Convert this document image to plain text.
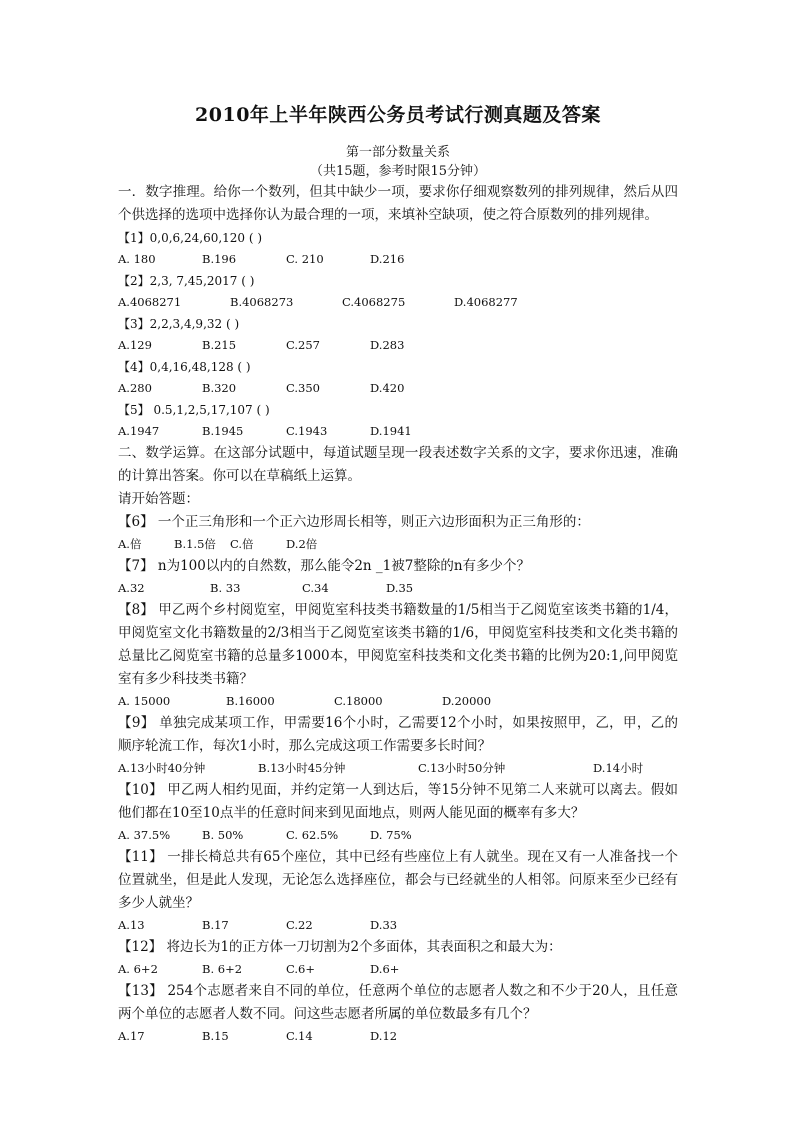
2010年上半年陕西公务员考试行测真题及答案
第一部分数量关系
（共15题，参考时限15分钟）

一．数字推理。给你一个数列，但其中缺少一项，要求你仔细观察数列的排列规律，然后从四个供选择的选项中选择你认为最合理的一项，来填补空缺项，使之符合原数列的排列规律。

【1】0,0,6,24,60,120 ( )
A. 180	B.196	C. 210	D.216
【2】2,3, 7,45,2017 ( )
A.4068271	B.4068273	C.4068275	D.4068277
【3】2,2,3,4,9,32 ( )
A.129	B.215	C.257	D.283
【4】0,4,16,48,128 ( )
A.280	B.320	C.350	D.420
【5】 0.5,1,2,5,17,107 ( )
A.1947	B.1945	C.1943	D.1941

二、数学运算。在这部分试题中，每道试题呈现一段表述数字关系的文字，要求你迅速，准确的计算出答案。你可以在草稿纸上运算。

请开始答题：

【6】 一个正三角形和一个正六边形周长相等，则正六边形面积为正三角形的：

A.倍	B.1.5倍	C.倍	D.2倍

【7】 n为100以内的自然数，那么能令2n _1被7整除的n有多少个？

A.32	B. 33	C.34	D.35

【8】 甲乙两个乡村阅览室，甲阅览室科技类书籍数量的1/5相当于乙阅览室该类书籍的1/4，甲阅览室文化书籍数量的2/3相当于乙阅览室该类书籍的1/6，甲阅览室科技类和文化类书籍的总量比乙阅览室书籍的总量多1000本，甲阅览室科技类和文化类书籍的比例为20:1,问甲阅览室有多少科技类书籍？

A. 15000	B.16000	C.18000	D.20000

【9】 单独完成某项工作，甲需要16个小时，乙需要12个小时，如果按照甲，乙，甲，乙的顺序轮流工作，每次1小时，那么完成这项工作需要多长时间？

A.13小时40分钟	B.13小时45分钟	C.13小时50分钟	D.14小时

【10】 甲乙两人相约见面，并约定第一人到达后，等15分钟不见第二人来就可以离去。假如他们都在10至10点半的任意时间来到见面地点，则两人能见面的概率有多大？

A. 37.5%	B. 50%	C. 62.5%	D. 75%

【11】 一排长椅总共有65个座位，其中已经有些座位上有人就坐。现在又有一人准备找一个位置就坐，但是此人发现，无论怎么选择座位，都会与已经就坐的人相邻。问原来至少已经有多少人就坐？

A.13	B.17	C.22	D.33

【12】 将边长为1的正方体一刀切割为2个多面体，其表面积之和最大为：

A. 6+2	B. 6+2	C.6+	D.6+

【13】 254个志愿者来自不同的单位，任意两个单位的志愿者人数之和不少于20人，且任意两个单位的志愿者人数不同。问这些志愿者所属的单位数最多有几个？

A.17	B.15	C.14	D.12
